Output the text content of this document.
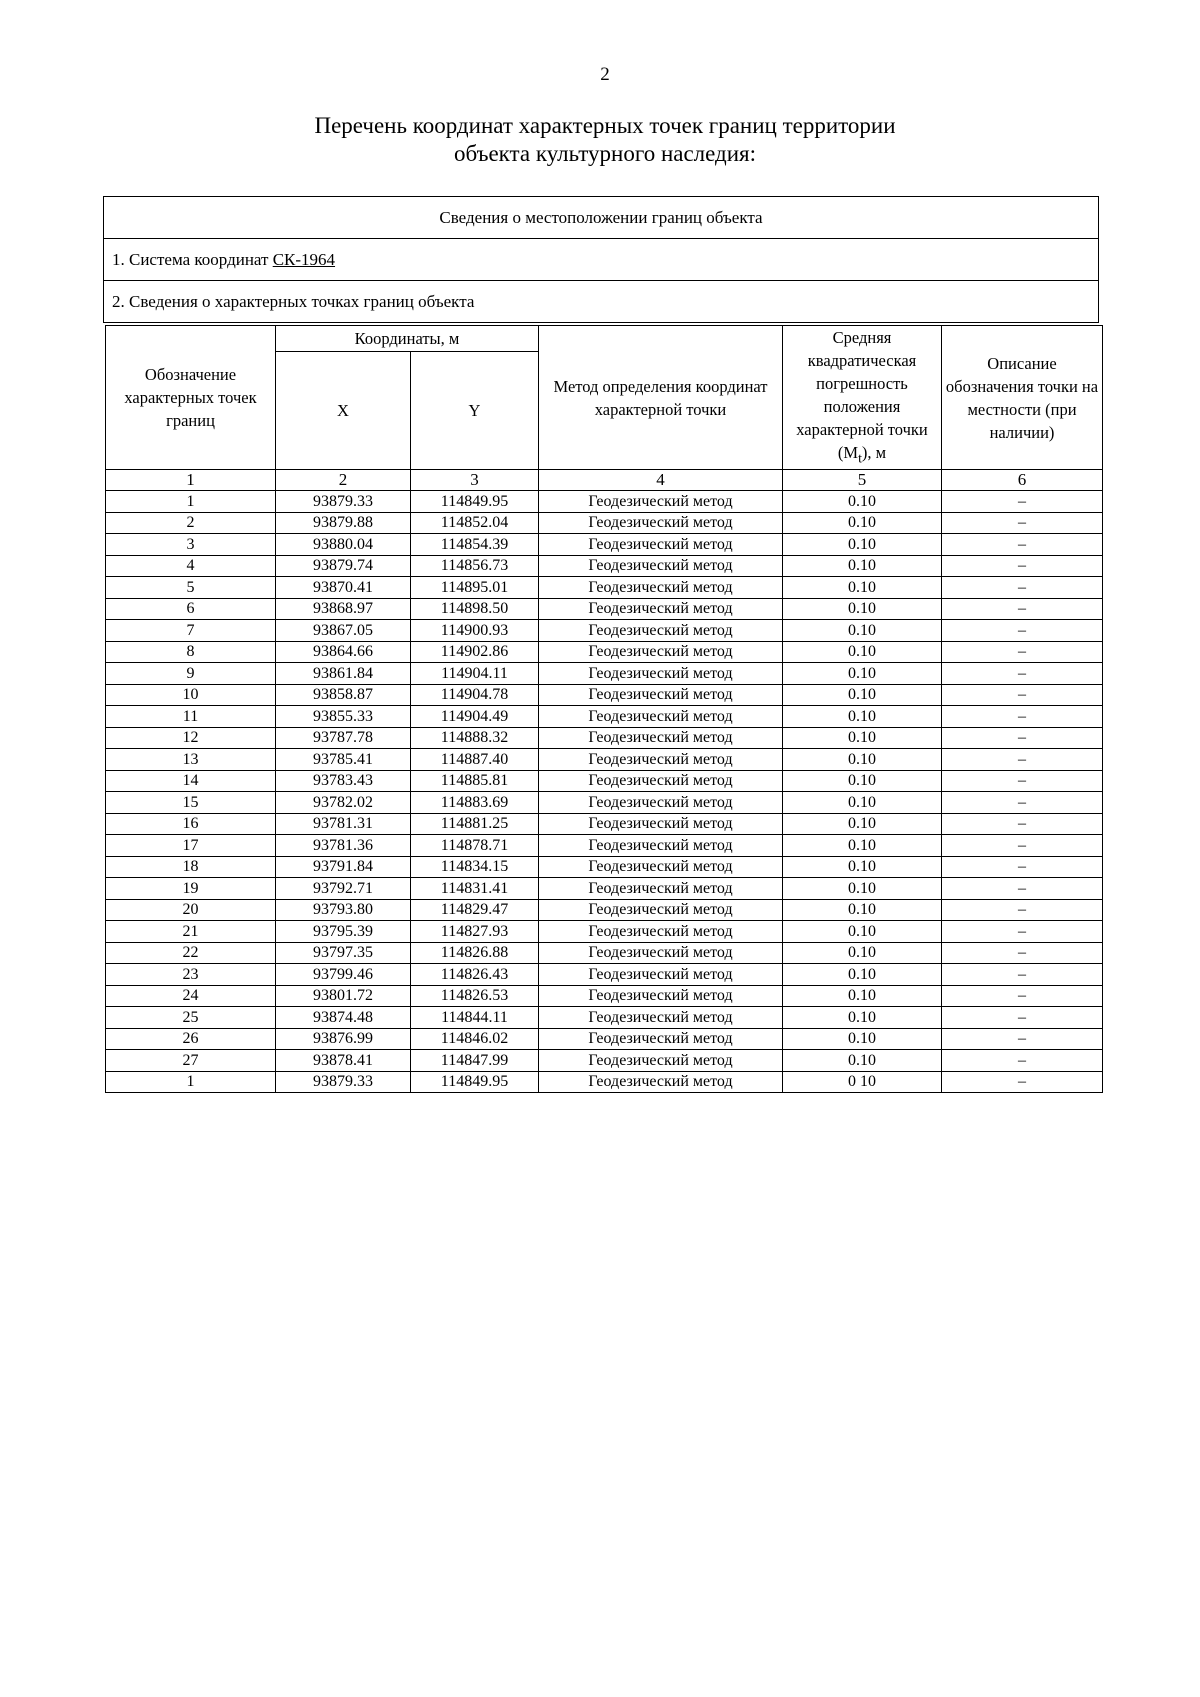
2
Перечень координат характерных точек границ территории
объекта культурного наследия:
Сведения о местоположении границ объекта
1. Система координат СК-1964
2. Сведения о характерных точках границ объекта
Обозначение характерных точек границ	Координаты, м		Метод определения координат характерной точки	Средняя квадратическая погрешность положения характерной точки $(M_t)$, м	Описание обозначения точки на местности (при наличии)
	X	Y			
1	2	3	4	5	6
1	93879.33	114849.95	Геодезический метод	0.10	–
2	93879.88	114852.04	Геодезический метод	0.10	–
3	93880.04	114854.39	Геодезический метод	0.10	–
4	93879.74	114856.73	Геодезический метод	0.10	–
5	93870.41	114895.01	Геодезический метод	0.10	–
6	93868.97	114898.50	Геодезический метод	0.10	–
7	93867.05	114900.93	Геодезический метод	0.10	–
8	93864.66	114902.86	Геодезический метод	0.10	–
9	93861.84	114904.11	Геодезический метод	0.10	–
10	93858.87	114904.78	Геодезический метод	0.10	–
11	93855.33	114904.49	Геодезический метод	0.10	–
12	93787.78	114888.32	Геодезический метод	0.10	–
13	93785.41	114887.40	Геодезический метод	0.10	–
14	93783.43	114885.81	Геодезический метод	0.10	–
15	93782.02	114883.69	Геодезический метод	0.10	–
16	93781.31	114881.25	Геодезический метод	0.10	–
17	93781.36	114878.71	Геодезический метод	0.10	–
18	93791.84	114834.15	Геодезический метод	0.10	–
19	93792.71	114831.41	Геодезический метод	0.10	–
20	93793.80	114829.47	Геодезический метод	0.10	–
21	93795.39	114827.93	Геодезический метод	0.10	–
22	93797.35	114826.88	Геодезический метод	0.10	–
23	93799.46	114826.43	Геодезический метод	0.10	–
24	93801.72	114826.53	Геодезический метод	0.10	–
25	93874.48	114844.11	Геодезический метод	0.10	–
26	93876.99	114846.02	Геодезический метод	0.10	–
27	93878.41	114847.99	Геодезический метод	0.10	–
1	93879.33	114849.95	Геодезический метод	0 10	–
